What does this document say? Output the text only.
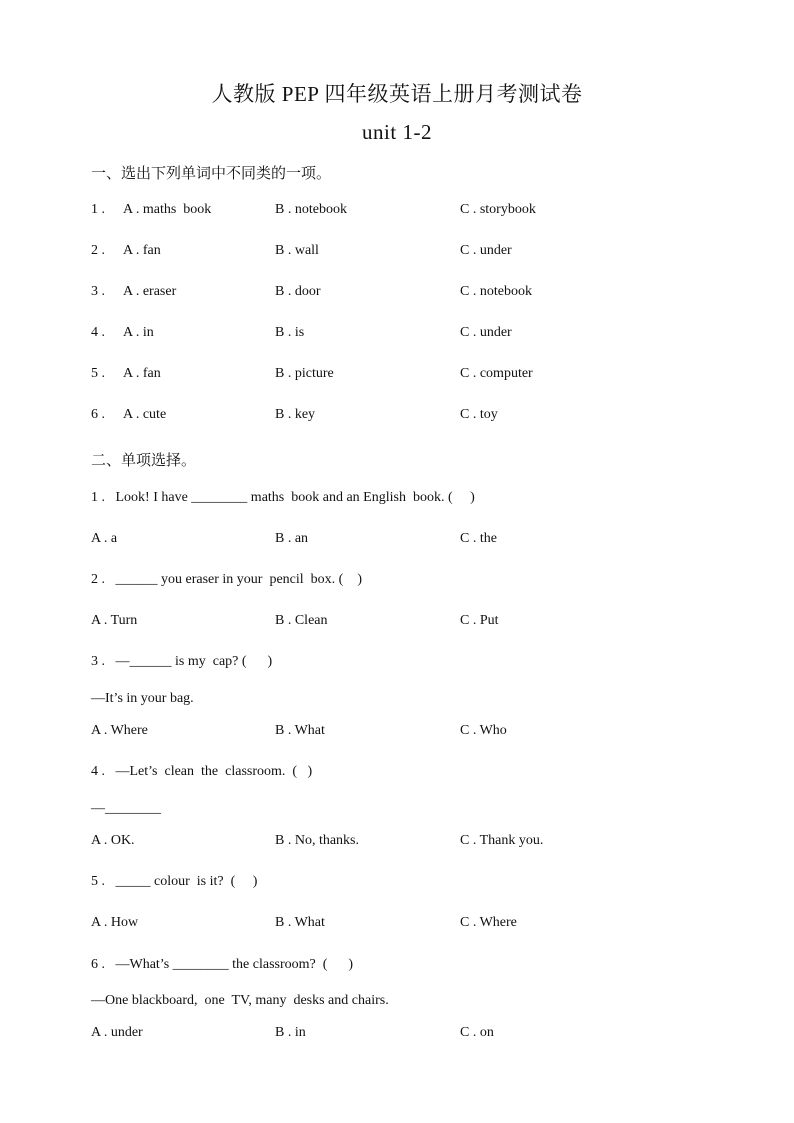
人教版 PEP 四年级英语上册月考测试卷
unit 1-2
一、选出下列单词中不同类的一项。
1 . A . maths  book	B . notebook	C . storybook
2 . A . fan	B . wall	C . under
3 . A . eraser	B . door	C . notebook
4 . A . in	B . is	C . under
5 . A . fan	B . picture	C . computer
6 . A . cute	B . key	C . toy
二、单项选择。
1 .   Look! I have ________ maths  book and an English  book. (     )
A . a	B . an	C . the
2 .   ______ you eraser in your  pencil  box. (    )
A . Turn	B . Clean	C . Put
3 .   —______ is my  cap? (      )
—It’s in your bag.
A . Where	B . What	C . Who
4 .   —Let’s  clean  the  classroom.  (   )
—________
A . OK.	B . No, thanks.	C . Thank you.
5 .   _____ colour  is it?  (     )
A . How	B . What	C . Where
6 .   —What’s ________ the classroom?  (      )
—One blackboard,  one  TV, many  desks and chairs.
A . under	B . in	C . on
